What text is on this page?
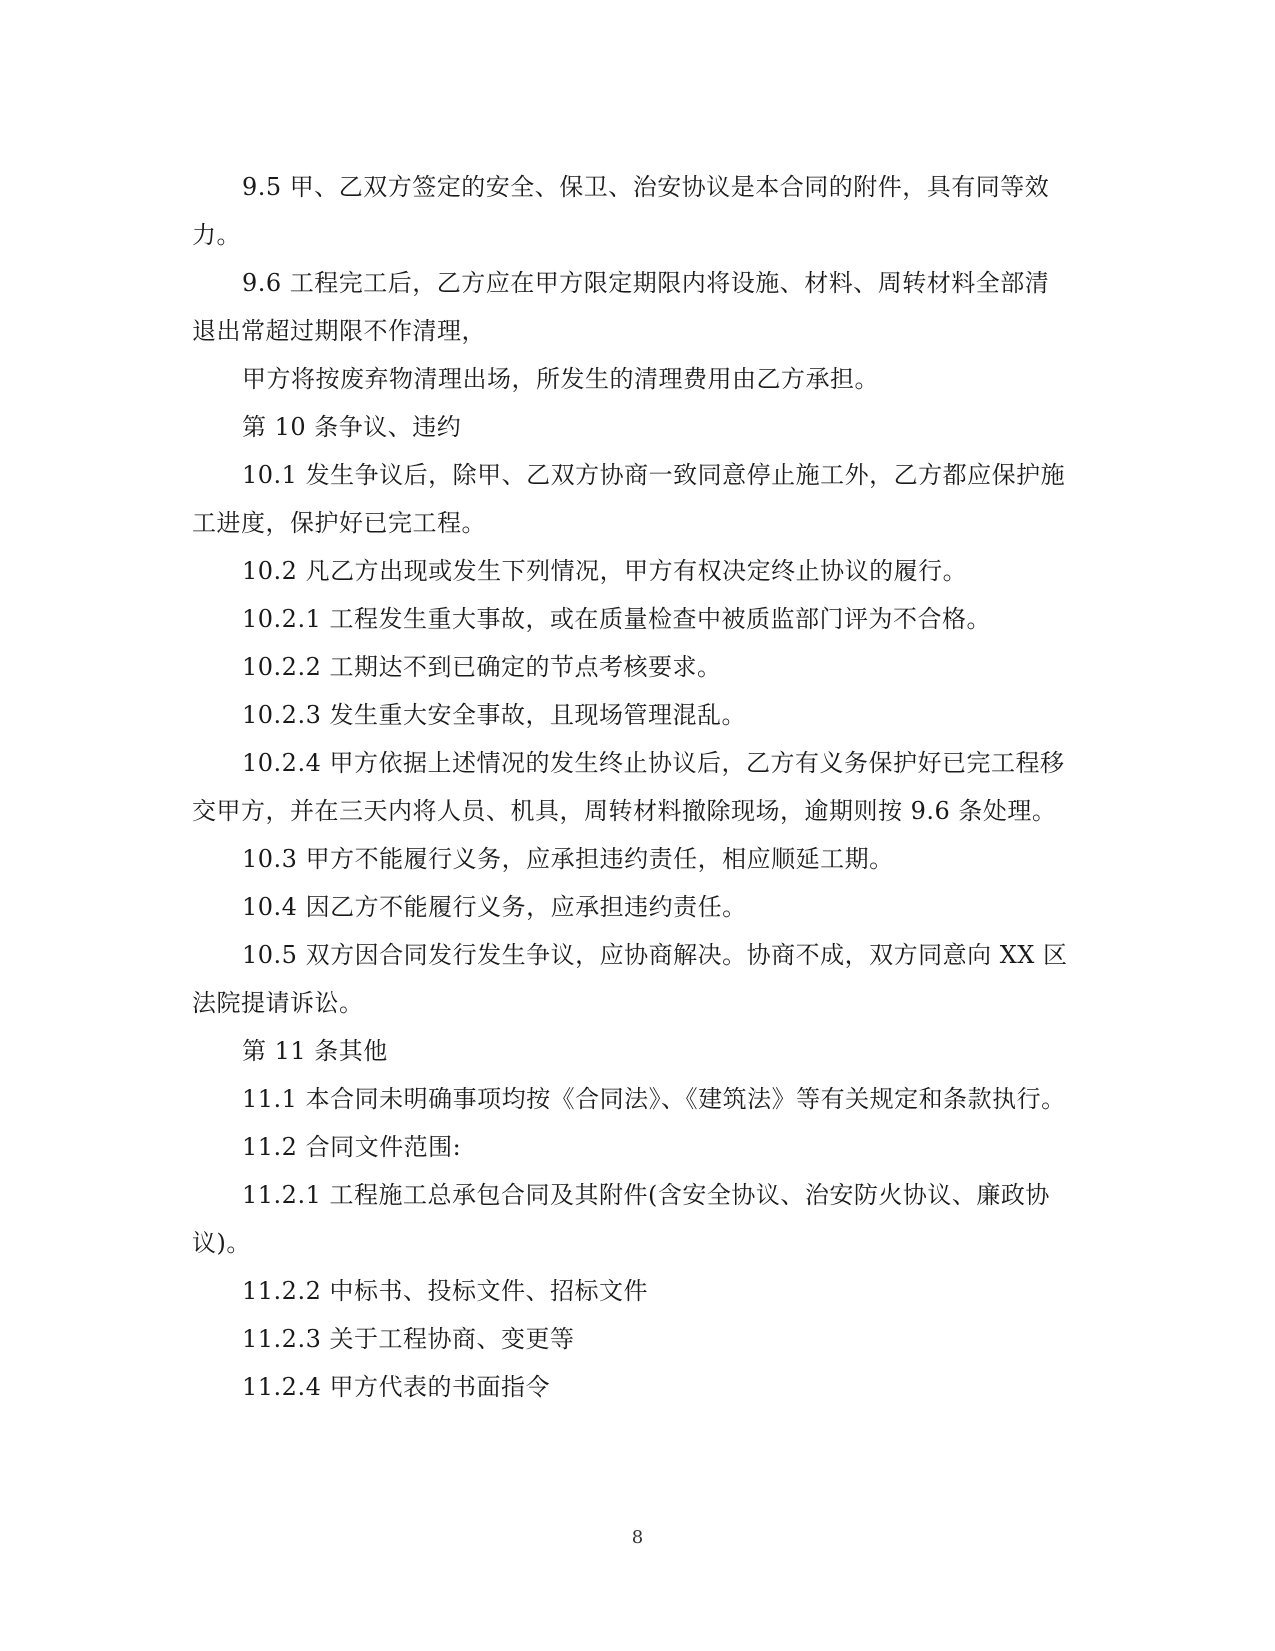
9.5 甲、乙双方签定的安全、保卫、治安协议是本合同的附件，具有同等效力。

9.6 工程完工后，乙方应在甲方限定期限内将设施、材料、周转材料全部清退出常超过期限不作清理，

甲方将按废弃物清理出场，所发生的清理费用由乙方承担。

第 10 条争议、违约

10.1 发生争议后，除甲、乙双方协商一致同意停止施工外，乙方都应保护施工进度，保护好已完工程。

10.2 凡乙方出现或发生下列情况，甲方有权决定终止协议的履行。

10.2.1 工程发生重大事故，或在质量检查中被质监部门评为不合格。

10.2.2 工期达不到已确定的节点考核要求。

10.2.3 发生重大安全事故，且现场管理混乱。

10.2.4 甲方依据上述情况的发生终止协议后，乙方有义务保护好已完工程移交甲方，并在三天内将人员、机具，周转材料撤除现场，逾期则按 9.6 条处理。

10.3 甲方不能履行义务，应承担违约责任，相应顺延工期。

10.4 因乙方不能履行义务，应承担违约责任。

10.5 双方因合同发行发生争议，应协商解决。协商不成，双方同意向 XX 区法院提请诉讼。

第 11 条其他

11.1 本合同未明确事项均按《合同法》、《建筑法》等有关规定和条款执行。

11.2 合同文件范围:

11.2.1 工程施工总承包合同及其附件(含安全协议、治安防火协议、廉政协议)。

11.2.2 中标书、投标文件、招标文件

11.2.3 关于工程协商、变更等

11.2.4 甲方代表的书面指令

8
